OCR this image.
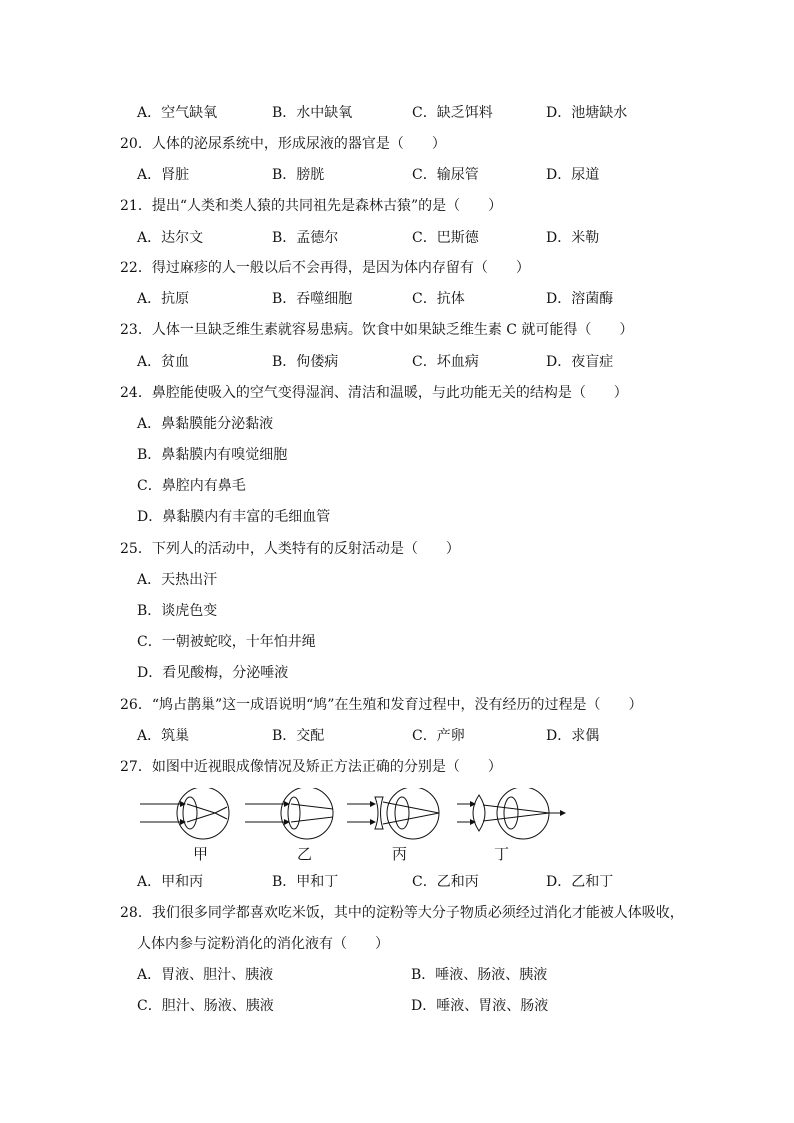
A．空气缺氧	B．水中缺氧	C．缺乏饵料	D．池塘缺水
20．人体的泌尿系统中，形成尿液的器官是（　　）
A．肾脏	B．膀胱	C．输尿管	D．尿道
21．提出“人类和类人猿的共同祖先是森林古猿”的是（　　）
A．达尔文	B．孟德尔	C．巴斯德	D．米勒
22．得过麻疹的人一般以后不会再得，是因为体内存留有（　　）
A．抗原	B．吞噬细胞	C．抗体	D．溶菌酶
23．人体一旦缺乏维生素就容易患病。饮食中如果缺乏维生素 C 就可能得（　　）
A．贫血	B．佝偻病	C．坏血病	D．夜盲症
24．鼻腔能使吸入的空气变得湿润、清洁和温暖，与此功能无关的结构是（　　）
A．鼻黏膜能分泌黏液
B．鼻黏膜内有嗅觉细胞
C．鼻腔内有鼻毛
D．鼻黏膜内有丰富的毛细血管
25．下列人的活动中，人类特有的反射活动是（　　）
A．天热出汗
B．谈虎色变
C．一朝被蛇咬，十年怕井绳
D．看见酸梅，分泌唾液
26．“鸠占鹊巢”这一成语说明“鸠”在生殖和发育过程中，没有经历的过程是（　　）
A．筑巢	B．交配	C．产卵	D．求偶
27．如图中近视眼成像情况及矫正方法正确的分别是（　　）
甲	乙	丙	丁
A．甲和丙	B．甲和丁	C．乙和丙	D．乙和丁
28．我们很多同学都喜欢吃米饭，其中的淀粉等大分子物质必须经过消化才能被人体吸收，
人体内参与淀粉消化的消化液有（　　）
A．胃液、胆汁、胰液	B．唾液、肠液、胰液
C．胆汁、肠液、胰液	D．唾液、胃液、肠液
